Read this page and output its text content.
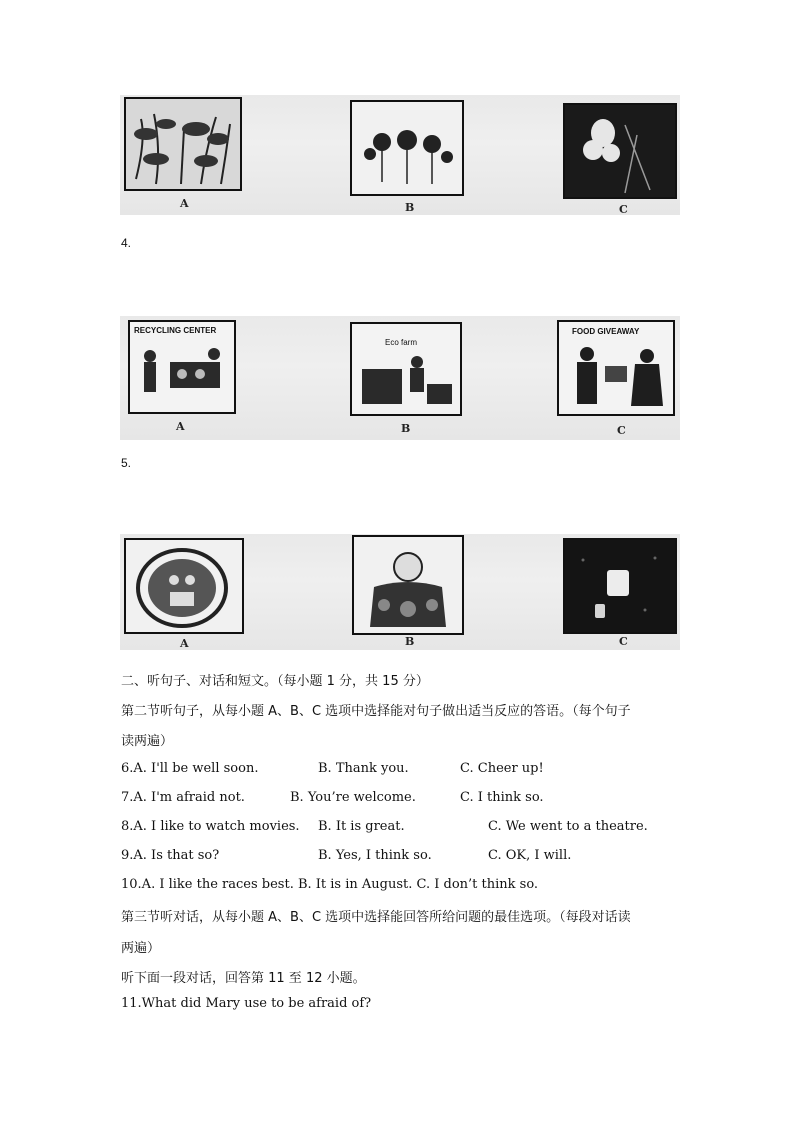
A	B	C
4.
RECYCLING CENTER
Eco farm
FOOD GIVEAWAY
A	B	C
5.
A	B	C
二、听句子、对话和短文。（每小题 1 分，共 15 分）
第二节听句子，从每小题 A、B、C 选项中选择能对句子做出适当反应的答语。（每个句子
读两遍）
6.A. I'll be well soon.	B. Thank you.	C. Cheer up!
7.A. I'm afraid not.	B. You’re welcome.	C. I think so.
8.A. I like to watch movies. B. It is great.	C. We went to a theatre.
9.A. Is that so?	B. Yes, I think so.	C. OK, I will.
10.A. I like the races best. B. It is in August. C. I don’t think so.
第三节听对话，从每小题 A、B、C 选项中选择能回答所给问题的最佳选项。（每段对话读
两遍）
听下面一段对话，回答第 11 至 12 小题。
11.What did Mary use to be afraid of?
